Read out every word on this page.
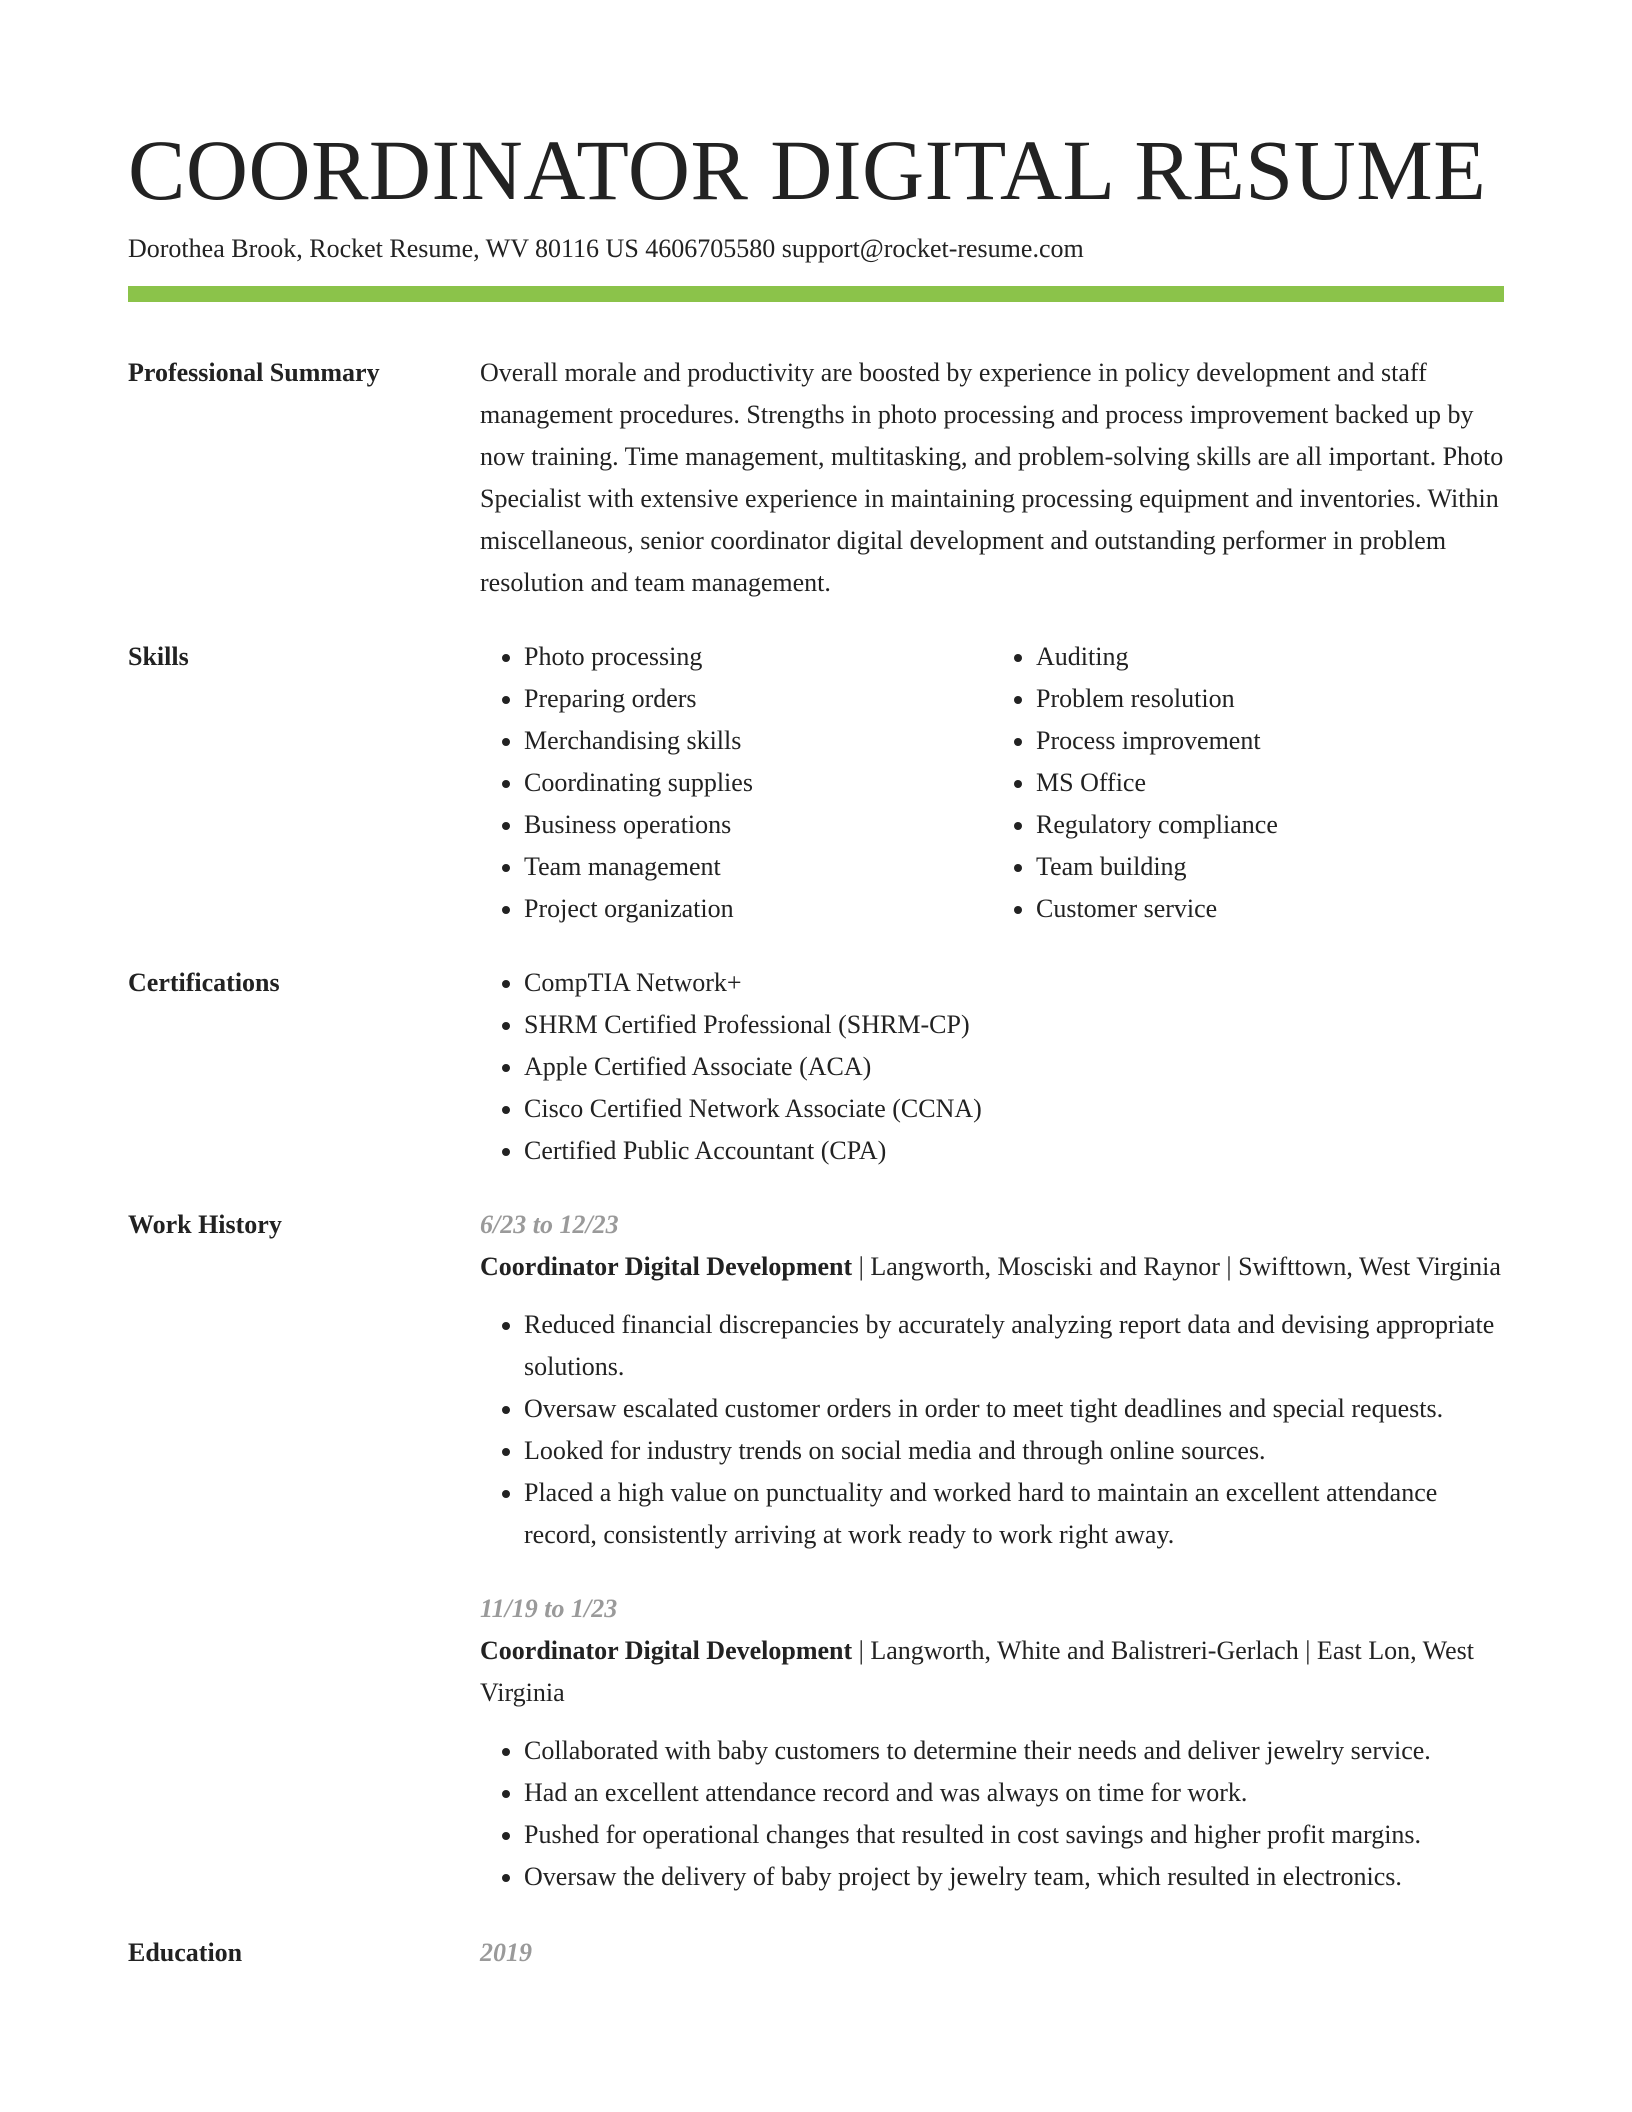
COORDINATOR DIGITAL RESUME
Dorothea Brook, Rocket Resume, WV 80116 US 4606705580 support@rocket-resume.com
Professional Summary	Overall morale and productivity are boosted by experience in policy development and staff management procedures. Strengths in photo processing and process improvement backed up by now training. Time management, multitasking, and problem-solving skills are all important. Photo Specialist with extensive experience in maintaining processing equipment and inventories. Within miscellaneous, senior coordinator digital development and outstanding performer in problem resolution and team management.

Skills	• Photo processing
• Preparing orders
• Merchandising skills
• Coordinating supplies
• Business operations
• Team management
• Project organization
• Auditing
• Problem resolution
• Process improvement
• MS Office
• Regulatory compliance
• Team building
• Customer service
Certifications	• CompTIA Network+
• SHRM Certified Professional (SHRM-CP)
• Apple Certified Associate (ACA)
• Cisco Certified Network Associate (CCNA)
• Certified Public Accountant (CPA)
Work History	6/23 to 12/23
Coordinator Digital Development | Langworth, Mosciski and Raynor | Swifttown, West Virginia
• Reduced financial discrepancies by accurately analyzing report data and devising appropriate solutions.
• Oversaw escalated customer orders in order to meet tight deadlines and special requests.
• Looked for industry trends on social media and through online sources.
• Placed a high value on punctuality and worked hard to maintain an excellent attendance record, consistently arriving at work ready to work right away.
11/19 to 1/23
Coordinator Digital Development | Langworth, White and Balistreri-Gerlach | East Lon, West Virginia
• Collaborated with baby customers to determine their needs and deliver jewelry service.
• Had an excellent attendance record and was always on time for work.
• Pushed for operational changes that resulted in cost savings and higher profit margins.
• Oversaw the delivery of baby project by jewelry team, which resulted in electronics.
Education	2019
